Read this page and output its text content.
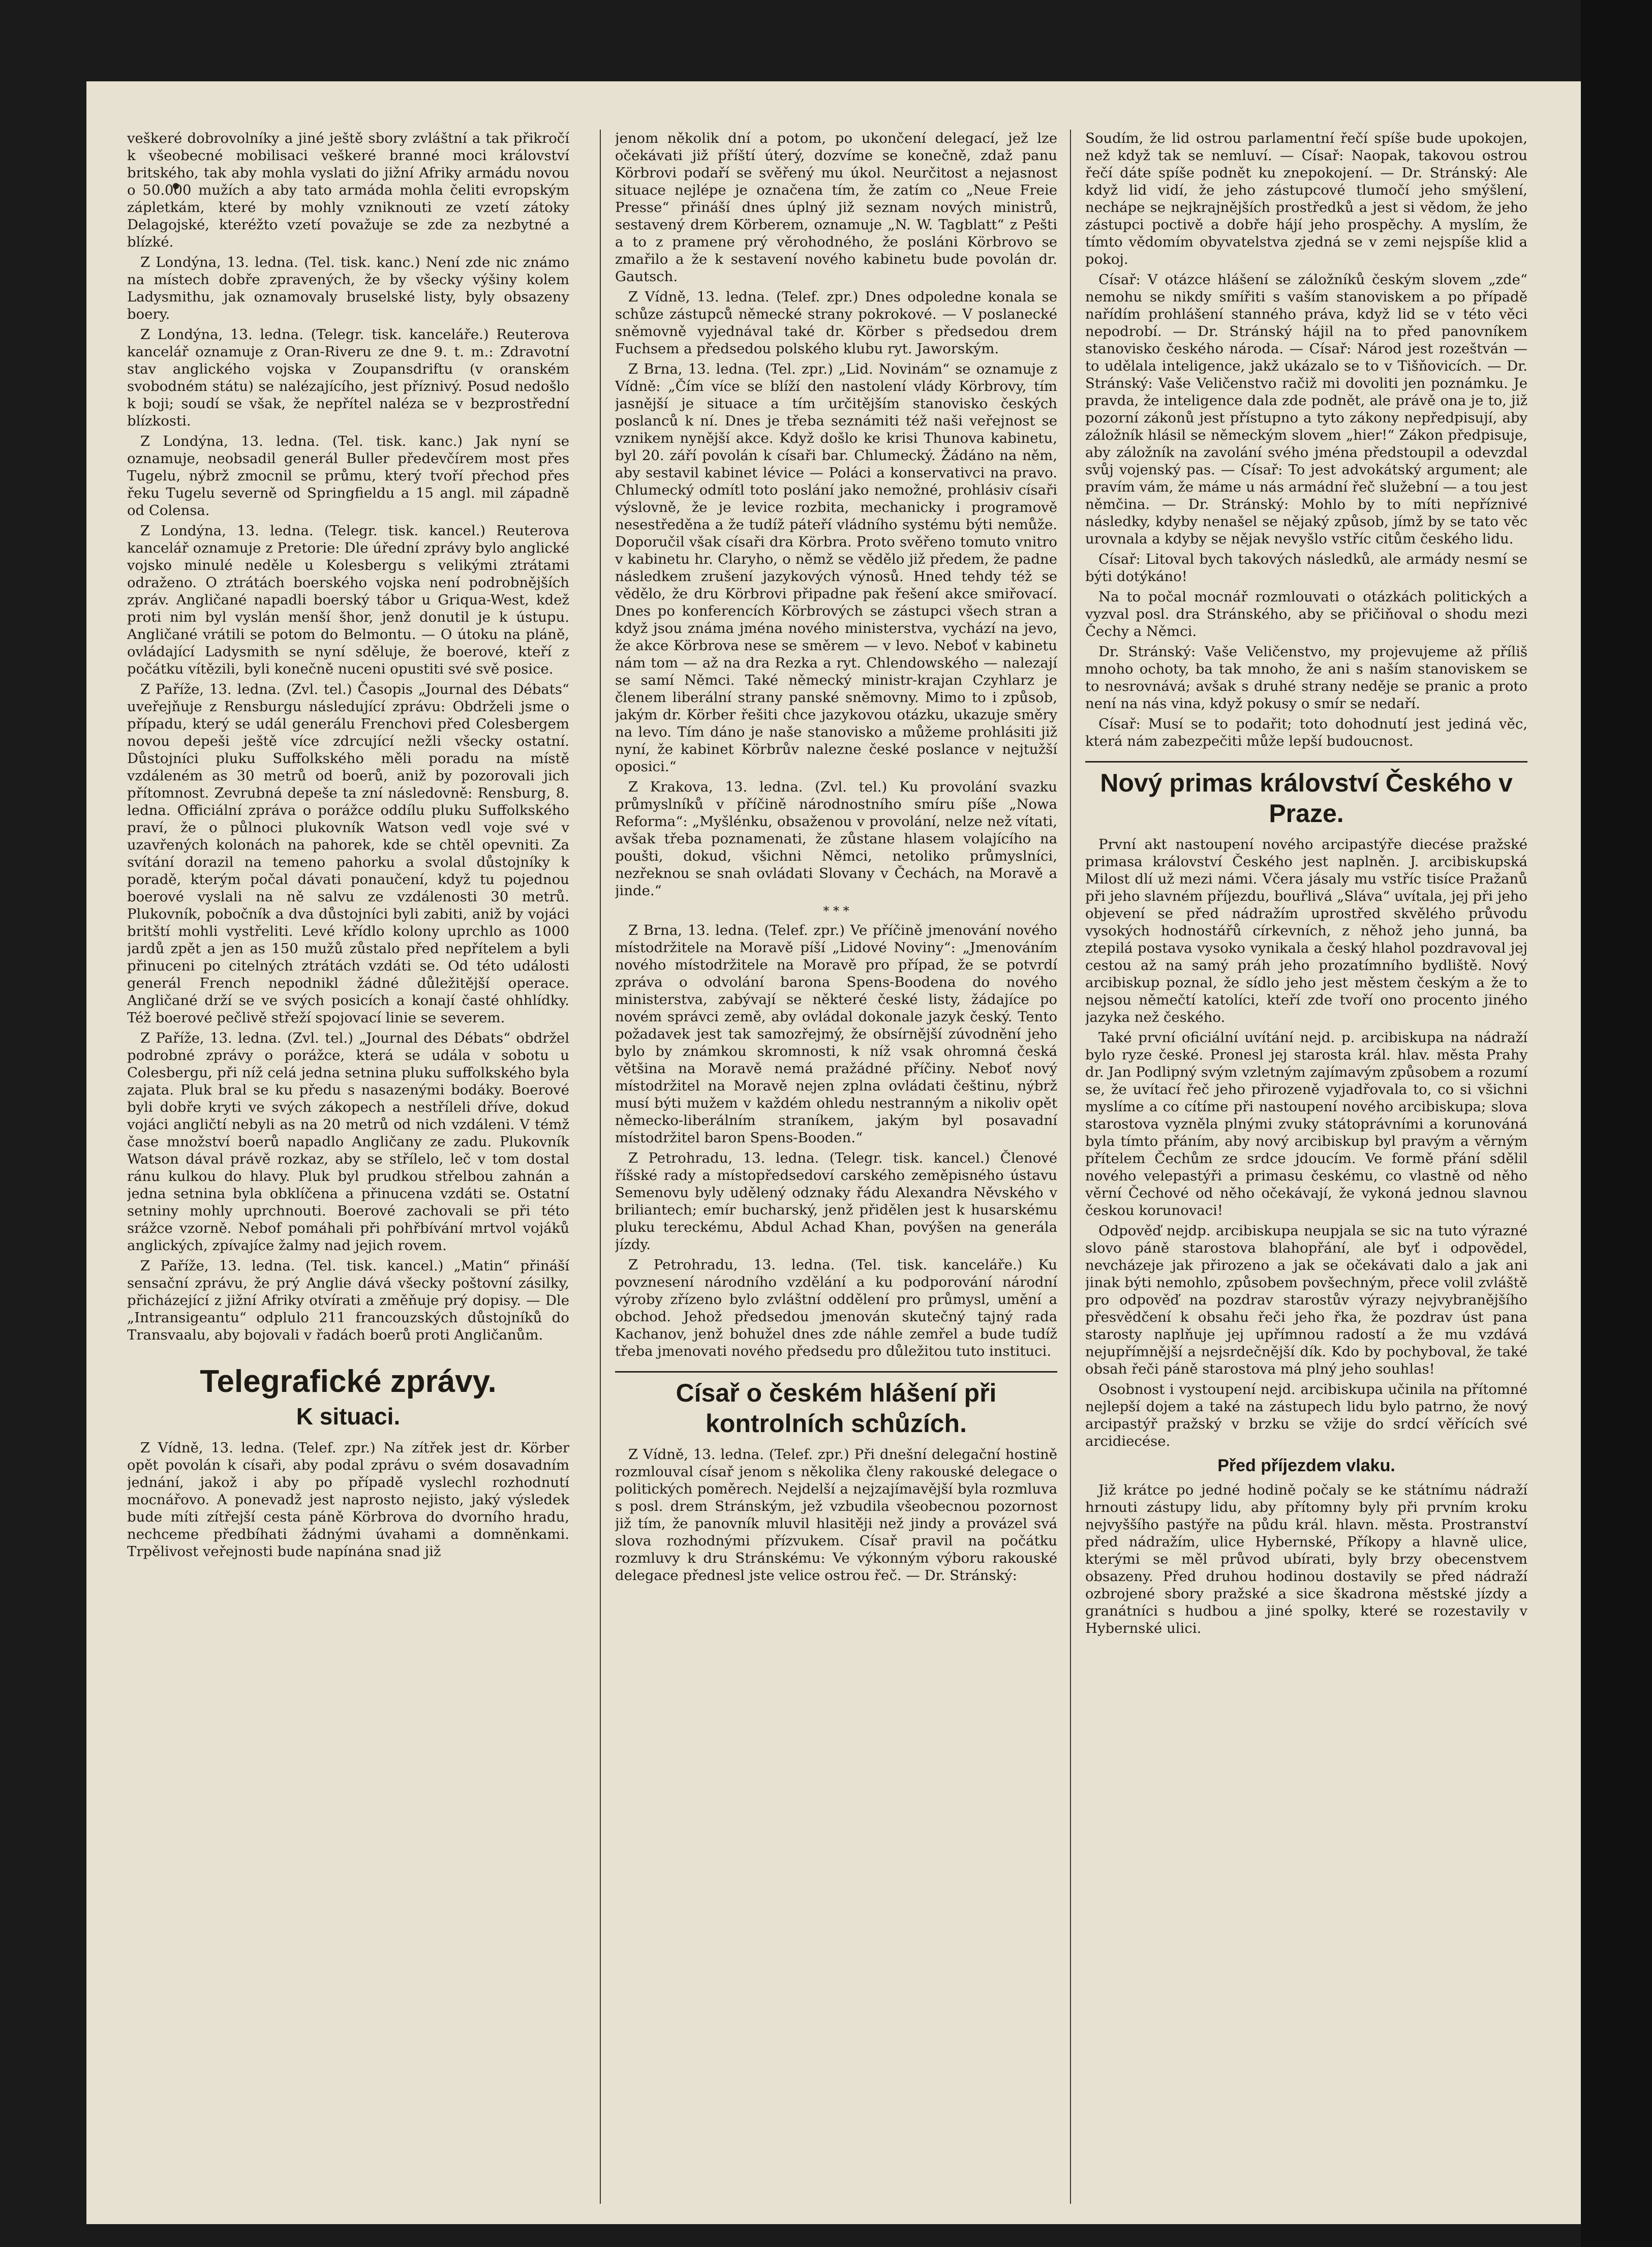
veškeré dobrovolníky a jiné ještě sbory zvláštní a tak přikročí k všeobecné mobilisaci veškeré branné moci království britského, tak aby mohla vyslati do jižní Afriky armádu novou o 50.000 mužích a aby tato armáda mohla čeliti evropským zápletkám, které by mohly vzniknouti ze vzetí zátoky Delagojské, kteréžto vzetí považuje se zde za nezbytné a blízké.

Z Londýna, 13. ledna. (Tel. tisk. kanc.) Není zde nic známo na místech dobře zpravených, že by všecky výšiny kolem Ladysmithu, jak oznamovaly bruselské listy, byly obsazeny boery.

Z Londýna, 13. ledna. (Telegr. tisk. kanceláře.) Reuterova kancelář oznamuje z Oran-Riveru ze dne 9. t. m.: Zdravotní stav anglického vojska v Zoupansdriftu (v oranském svobodném státu) se nalézajícího, jest příznivý. Posud nedošlo k boji; soudí se však, že nepřítel naléza se v bezprostřední blízkosti.

Z Londýna, 13. ledna. (Tel. tisk. kanc.) Jak nyní se oznamuje, neobsadil generál Buller předevčírem most přes Tugelu, nýbrž zmocnil se průmu, který tvoří přechod přes řeku Tugelu severně od Springfieldu a 15 angl. mil západně od Colensa.

Z Londýna, 13. ledna. (Telegr. tisk. kancel.) Reuterova kancelář oznamuje z Pretorie: Dle úřední zprávy bylo anglické vojsko minulé neděle u Kolesbergu s velikými ztrátami odraženo. O ztrátách boerského vojska není podrobnějších zpráv. Angličané napadli boerský tábor u Griqua-West, kdež proti nim byl vyslán menší šhor, jenž donutil je k ústupu. Angličané vrátili se potom do Belmontu. — O útoku na pláně, ovládající Ladysmith se nyní sděluje, že boerové, kteří z počátku vítězili, byli konečně nuceni opustiti své svě posice.

Z Paříže, 13. ledna. (Zvl. tel.) Časopis „Journal des Débats“ uveřejňuje z Rensburgu následující zprávu: Obdrželi jsme o případu, který se udál generálu Frenchovi před Colesbergem novou depeši ještě více zdrcující nežli všecky ostatní. Důstojníci pluku Suffolkského měli poradu na místě vzdáleném as 30 metrů od boerů, aniž by pozorovali jich přítomnost. Zevrubná depeše ta zní následovně: Rensburg, 8. ledna. Officiální zpráva o porážce oddílu pluku Suffolkského praví, že o půlnoci plukovník Watson vedl voje své v uzavřených kolonách na pahorek, kde se chtěl opevniti. Za svítání dorazil na temeno pahorku a svolal důstojníky k poradě, kterým počal dávati ponaučení, když tu pojednou boerové vyslali na ně salvu ze vzdálenosti 30 metrů. Plukovník, pobočník a dva důstojníci byli zabiti, aniž by vojáci britští mohli vystřeliti. Levé křídlo kolony uprchlo as 1000 jardů zpět a jen as 150 mužů zůstalo před nepřítelem a byli přinuceni po citelných ztrátách vzdáti se. Od této události generál French nepodnikl žádné důležitější operace. Angličané drží se ve svých posicích a konají časté ohhlídky. Též boerové pečlivě střeží spojovací linie se severem.

Z Paříže, 13. ledna. (Zvl. tel.) „Journal des Débats“ obdržel podrobné zprávy o porážce, která se udála v sobotu u Colesbergu, při níž celá jedna setnina pluku suffolkského byla zajata. Pluk bral se ku předu s nasazenými bodáky. Boerové byli dobře kryti ve svých zákopech a nestříleli dříve, dokud vojáci angličtí nebyli as na 20 metrů od nich vzdáleni. V témž čase množství boerů napadlo Angličany ze zadu. Plukovník Watson dával právě rozkaz, aby se střílelo, leč v tom dostal ránu kulkou do hlavy. Pluk byl prudkou střelbou zahnán a jedna setnina byla obklíčena a přinucena vzdáti se. Ostatní setniny mohly uprchnouti. Boerové zachovali se při této srážce vzorně. Nebof pomáhali při pohřbívání mrtvol vojáků anglických, zpívajíce žalmy nad jejich rovem.

Z Paříže, 13. ledna. (Tel. tisk. kancel.) „Matin“ přináší sensační zprávu, že prý Anglie dává všecky poštovní zásilky, přicházející z jižní Afriky otvírati a změňuje prý dopisy. — Dle „Intransigeantu“ odplulo 211 francouzských důstojníků do Transvaalu, aby bojovali v řadách boerů proti Angličanům.

Telegrafické zprávy.
K situaci.

Z Vídně, 13. ledna. (Telef. zpr.) Na zítřek jest dr. Körber opět povolán k císaři, aby podal zprávu o svém dosavadním jednání, jakož i aby po případě vyslechl rozhodnutí mocnářovo. A ponevadž jest naprosto nejisto, jaký výsledek bude míti zítřejší cesta páně Körbrova do dvorního hradu, nechceme předbíhati žádnými úvahami a domněnkami. Trpělivost veřejnosti bude napínána snad již

jenom několik dní a potom, po ukončení delegací, jež lze očekávati již příští úterý, dozvíme se konečně, zdaž panu Körbrovi podaří se svěřený mu úkol. Neurčitost a nejasnost situace nejlépe je označena tím, že zatím co „Neue Freie Presse“ přináší dnes úplný již seznam nových ministrů, sestavený drem Körberem, oznamuje „N. W. Tagblatt“ z Pešti a to z pramene prý věrohodného, že posláni Körbrovo se zmařilo a že k sestavení nového kabinetu bude povolán dr. Gautsch.

Z Vídně, 13. ledna. (Telef. zpr.) Dnes odpoledne konala se schůze zástupců německé strany pokrokové. — V poslanecké sněmovně vyjednával také dr. Körber s předsedou drem Fuchsem a předsedou polského klubu ryt. Jaworským.

Z Brna, 13. ledna. (Tel. zpr.) „Lid. Novinám“ se oznamuje z Vídně: „Čím více se blíží den nastolení vlády Körbrovy, tím jasnější je situace a tím určitějším stanovisko českých poslanců k ní. Dnes je třeba seznámiti též naši veřejnost se vznikem nynější akce. Když došlo ke krisi Thunova kabinetu, byl 20. září povolán k císaři bar. Chlumecký. Žádáno na něm, aby sestavil kabinet lévice — Poláci a konservativci na pravo. Chlumecký odmítl toto poslání jako nemožné, prohlásiv císaři výslovně, že je levice rozbita, mechanicky i programově nesestředěna a že tudíž páteří vládního systému býti nemůže. Doporučil však císaři dra Körbra. Proto svěřeno tomuto vnitro v kabinetu hr. Claryho, o němž se vědělo již předem, že padne následkem zrušení jazykových výnosů. Hned tehdy též se vědělo, že dru Körbrovi připadne pak řešení akce smiřovací. Dnes po konferencích Körbrových se zástupci všech stran a když jsou známa jména nového ministerstva, vychází na jevo, že akce Körbrova nese se směrem — v levo. Neboť v kabinetu nám tom — až na dra Rezka a ryt. Chlendowského — nalezají se samí Němci. Také německý ministr-krajan Czyhlarz je členem liberální strany panské sněmovny. Mimo to i způsob, jakým dr. Körber řešiti chce jazykovou otázku, ukazuje směry na levo. Tím dáno je naše stanovisko a můžeme prohlásiti již nyní, že kabinet Körbrův nalezne české poslance v nejtužší oposici.“

Z Krakova, 13. ledna. (Zvl. tel.) Ku provolání svazku průmyslníků v příčině národnostního smíru píše „Nowa Reforma“: „Myšlénku, obsaženou v provolání, nelze než vítati, avšak třeba poznamenati, že zůstane hlasem volajícího na poušti, dokud, všichni Němci, netoliko průmyslníci, nezřeknou se snah ovládati Slovany v Čechách, na Moravě a jinde.“

* * *

Z Brna, 13. ledna. (Telef. zpr.) Ve příčině jmenování nového místodržitele na Moravě píší „Lidové Noviny“: „Jmenováním nového místodržitele na Moravě pro případ, že se potvrdí zpráva o odvolání barona Spens-Boodena do nového ministerstva, zabývají se některé české listy, žádajíce po novém správci země, aby ovládal dokonale jazyk český. Tento požadavek jest tak samozřejmý, že obsírnější zúvodnění jeho bylo by známkou skromnosti, k níž vsak ohromná česká většina na Moravě nemá pražádné příčiny. Neboť nový místodržitel na Moravě nejen zplna ovládati češtinu, nýbrž musí býti mužem v každém ohledu nestranným a nikoliv opět německo-liberálním straníkem, jakým byl posavadní místodržitel baron Spens-Booden.“

Z Petrohradu, 13. ledna. (Telegr. tisk. kancel.) Členové říšské rady a místopředsedoví carského zeměpisného ústavu Semenovu byly udělený odznaky řádu Alexandra Něvského v briliantech; emír bucharský, jenž přidělen jest k husarskému pluku tereckému, Abdul Achad Khan, povýšen na generála jízdy.

Z Petrohradu, 13. ledna. (Tel. tisk. kanceláře.) Ku povznesení národního vzdělání a ku podporování národní výroby zřízeno bylo zvláštní oddělení pro průmysl, umění a obchod. Jehož předsedou jmenován skutečný tajný rada Kachanov, jenž bohužel dnes zde náhle zemřel a bude tudíž třeba jmenovati nového předsedu pro důležitou tuto instituci.

Císař o českém hlášení při kontrolních schůzích.

Z Vídně, 13. ledna. (Telef. zpr.) Při dnešní delegační hostině rozmlouval císař jenom s několika členy rakouské delegace o politických poměrech. Nejdelší a nejzajímavější byla rozmluva s posl. drem Stránským, jež vzbudila všeobecnou pozornost již tím, že panovník mluvil hlasitěji než jindy a provázel svá slova rozhodnými přízvukem. Císař pravil na počátku rozmluvy k dru Stránskému: Ve výkonným výboru rakouské delegace přednesl jste velice ostrou řeč. — Dr. Stránský:

Soudím, že lid ostrou parlamentní řečí spíše bude upokojen, než když tak se nemluví. — Císař: Naopak, takovou ostrou řečí dáte spíše podnět ku znepokojení. — Dr. Stránský: Ale když lid vidí, že jeho zástupcové tlumočí jeho smýšlení, nechápe se nejkrajnějších prostředků a jest si vědom, že jeho zástupci poctivě a dobře hájí jeho prospěchy. A myslím, že tímto vědomím obyvatelstva zjedná se v zemi nejspíše klid a pokoj.

Císař: V otázce hlášení se záložníků českým slovem „zde“ nemohu se nikdy smířiti s vaším stanoviskem a po případě nařídím prohlášení stanného práva, když lid se v této věci nepodrobí. — Dr. Stránský hájil na to před panovníkem stanovisko českého národa. — Císař: Národ jest rozeštván — to udělala inteligence, jakž ukázalo se to v Tišňovicích. — Dr. Stránský: Vaše Veličenstvo račiž mi dovoliti jen poznámku. Je pravda, že inteligence dala zde podnět, ale právě ona je to, již pozorní zákonů jest přístupno a tyto zákony nepředpisují, aby záložník hlásil se německým slovem „hier!“ Zákon předpisuje, aby záložník na zavolání svého jména předstoupil a odevzdal svůj vojenský pas. — Císař: To jest advokátský argument; ale pravím vám, že máme u nás armádní řeč služební — a tou jest němčina. — Dr. Stránský: Mohlo by to míti nepříznivé následky, kdyby nenašel se nějaký způsob, jímž by se tato věc urovnala a kdyby se nějak nevyšlo vstříc citům českého lidu.

Císař: Litoval bych takových následků, ale armády nesmí se býti dotýkáno!

Na to počal mocnář rozmlouvati o otázkách politických a vyzval posl. dra Stránského, aby se přičiňoval o shodu mezi Čechy a Němci.

Dr. Stránský: Vaše Veličenstvo, my projevujeme až příliš mnoho ochoty, ba tak mnoho, že ani s naším stanoviskem se to nesrovnává; avšak s druhé strany neděje se pranic a proto není na nás vina, když pokusy o smír se nedaří.

Císař: Musí se to podařit; toto dohodnutí jest jediná věc, která nám zabezpečiti může lepší budoucnost.

Nový primas království Českého v Praze.

První akt nastoupení nového arcipastýře diecése pražské primasa království Českého jest naplněn. J. arcibiskupská Milost dlí už mezi námi. Včera jásaly mu vstříc tisíce Pražanů při jeho slavném příjezdu, bouřlivá „Sláva“ uvítala, jej při jeho objevení se před nádražím uprostřed skvělého průvodu vysokých hodnostářů církevních, z něhož jeho junná, ba ztepilá postava vysoko vynikala a český hlahol pozdravoval jej cestou až na samý práh jeho prozatímního bydliště. Nový arcibiskup poznal, že sídlo jeho jest městem českým a že to nejsou němečtí katolíci, kteří zde tvoří ono procento jiného jazyka než českého.

Také první oficiální uvítání nejd. p. arcibiskupa na nádraží bylo ryze české. Pronesl jej starosta král. hlav. města Prahy dr. Jan Podlipný svým vzletným zajímavým způsobem a rozumí se, že uvítací řeč jeho přirozeně vyjadřovala to, co si všichni myslíme a co cítíme při nastoupení nového arcibiskupa; slova starostova vyzněla plnými zvuky státoprávními a korunováná byla tímto přáním, aby nový arcibiskup byl pravým a věrným přítelem Čechům ze srdce jdoucím. Ve formě přání sdělil nového velepastýři a primasu českému, co vlastně od něho věrní Čechové od něho očekávají, že vykoná jednou slavnou českou korunovaci!

Odpověď nejdp. arcibiskupa neupjala se sic na tuto výrazné slovo páně starostova blahopřání, ale byť i odpovědel, nevcházeje jak přirozeno a jak se očekávati dalo a jak ani jinak býti nemohlo, způsobem povšechným, přece volil zvláště pro odpověď na pozdrav starostův výrazy nejvybranějšího přesvědčení k obsahu řeči jeho řka, že pozdrav úst pana starosty naplňuje jej upřímnou radostí a že mu vzdává nejupřímnější a nejsrdečnější dík. Kdo by pochyboval, že také obsah řeči páně starostova má plný jeho souhlas!

Osobnost i vystoupení nejd. arcibiskupa učinila na přítomné nejlepší dojem a také na zástupech lidu bylo patrno, že nový arcipastýř pražský v brzku se vžije do srdcí věřících své arcidiecése.

Před příjezdem vlaku.

Již krátce po jedné hodině počaly se ke státnímu nádraží hrnouti zástupy lidu, aby přítomny byly při prvním kroku nejvyššího pastýře na půdu král. hlavn. města. Prostranství před nádražím, ulice Hybernské, Příkopy a hlavně ulice, kterými se měl průvod ubírati, byly brzy obecenstvem obsazeny. Před druhou hodinou dostavily se před nádraží ozbrojené sbory pražské a sice škadrona městské jízdy a granátníci s hudbou a jiné spolky, které se rozestavily v Hybernské ulici.
